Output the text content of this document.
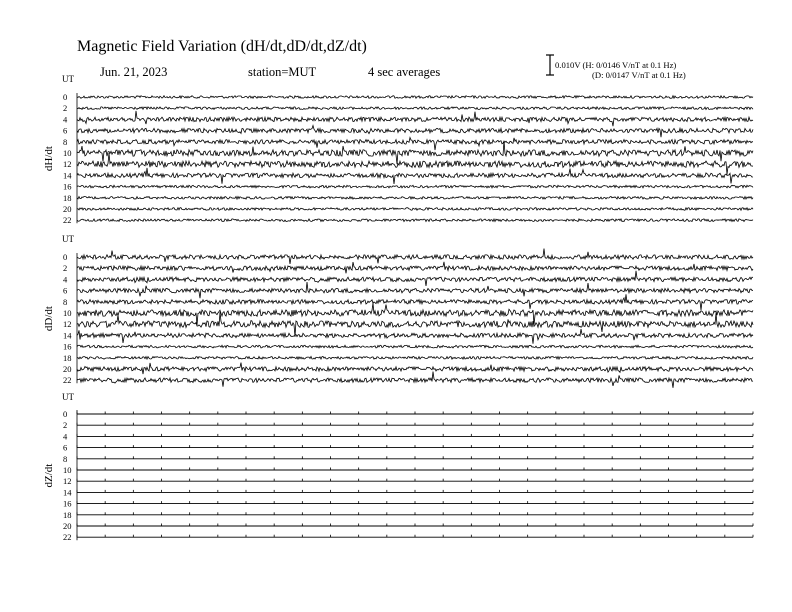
Magnetic Field Variation (dH/dt,dD/dt,dZ/dt)
Jun. 21, 2023	station=MUT	4 sec averages	0.010V (H: 0/0146 V/nT at 0.1 Hz)
(D: 0/0147 V/nT at 0.1 Hz)
UT
dH/dt
0
2
4
6
8
10
12
14
16
18
20
22
UT
dD/dt
0
2
4
6
8
10
12
14
16
18
20
22
UT
dZ/dt
0
2
4
6
8
10
12
14
16
18
20
22
